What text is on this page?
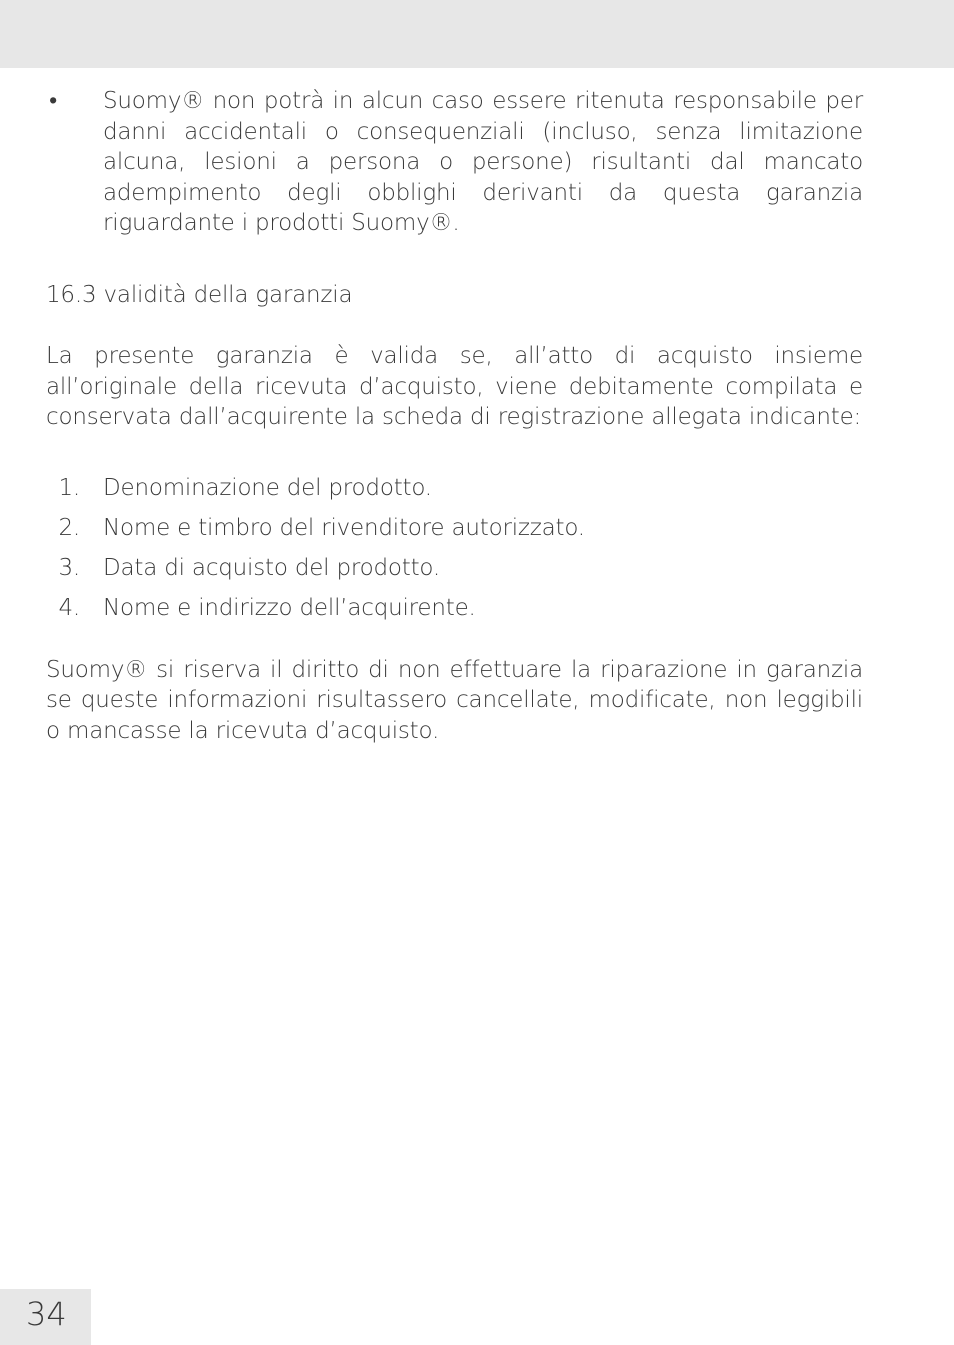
• Suomy® non potrà in alcun caso essere ritenuta responsabile per danni accidentali o consequenziali (incluso, senza limitazione alcuna, lesioni a persona o persone) risultanti dal mancato adempimento degli obblighi derivanti da questa garanzia riguardante i prodotti Suomy®.
16.3 validità della garanzia
La presente garanzia è valida se, all’atto di acquisto insieme all’originale della ricevuta d’acquisto, viene debitamente compilata e conservata dall’acquirente la scheda di registrazione allegata indicante:
1. Denominazione del prodotto.
2. Nome e timbro del rivenditore autorizzato.
3. Data di acquisto del prodotto.
4. Nome e indirizzo dell’acquirente.
Suomy® si riserva il diritto di non effettuare la riparazione in garanzia se queste informazioni risultassero cancellate, modificate, non leggibili o mancasse la ricevuta d’acquisto.
34
